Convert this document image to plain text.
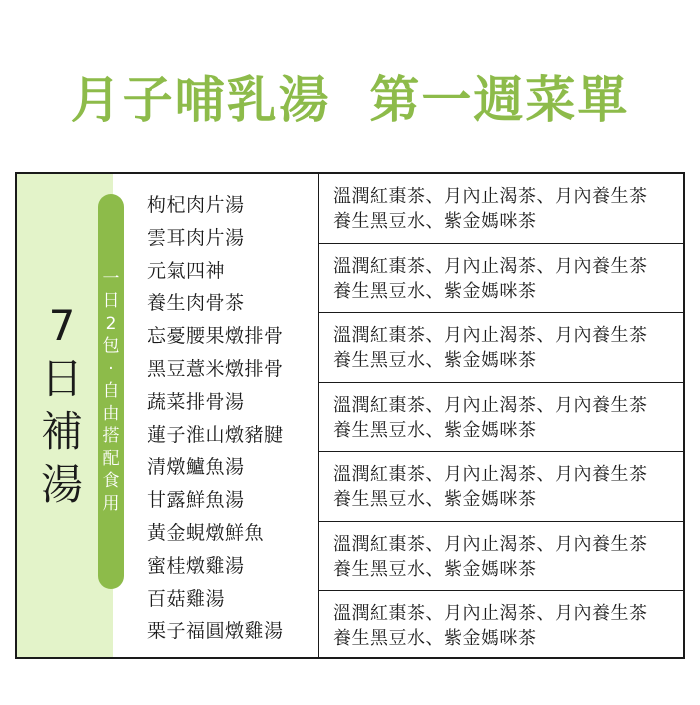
月子哺乳湯  第一週菜單
7
日
補
湯
一
日
2
包
·
自
由
搭
配
食
用
枸杞肉片湯
雲耳肉片湯
元氣四神
養生肉骨茶
忘憂腰果燉排骨
黑豆薏米燉排骨
蔬菜排骨湯
蓮子淮山燉豬腱
清燉鱸魚湯
甘露鮮魚湯
黃金蜆燉鮮魚
蜜桂燉雞湯
百菇雞湯
栗子福圓燉雞湯
溫潤紅棗茶、月內止渴茶、月內養生茶
養生黑豆水、紫金媽咪茶
溫潤紅棗茶、月內止渴茶、月內養生茶
養生黑豆水、紫金媽咪茶
溫潤紅棗茶、月內止渴茶、月內養生茶
養生黑豆水、紫金媽咪茶
溫潤紅棗茶、月內止渴茶、月內養生茶
養生黑豆水、紫金媽咪茶
溫潤紅棗茶、月內止渴茶、月內養生茶
養生黑豆水、紫金媽咪茶
溫潤紅棗茶、月內止渴茶、月內養生茶
養生黑豆水、紫金媽咪茶
溫潤紅棗茶、月內止渴茶、月內養生茶
養生黑豆水、紫金媽咪茶
